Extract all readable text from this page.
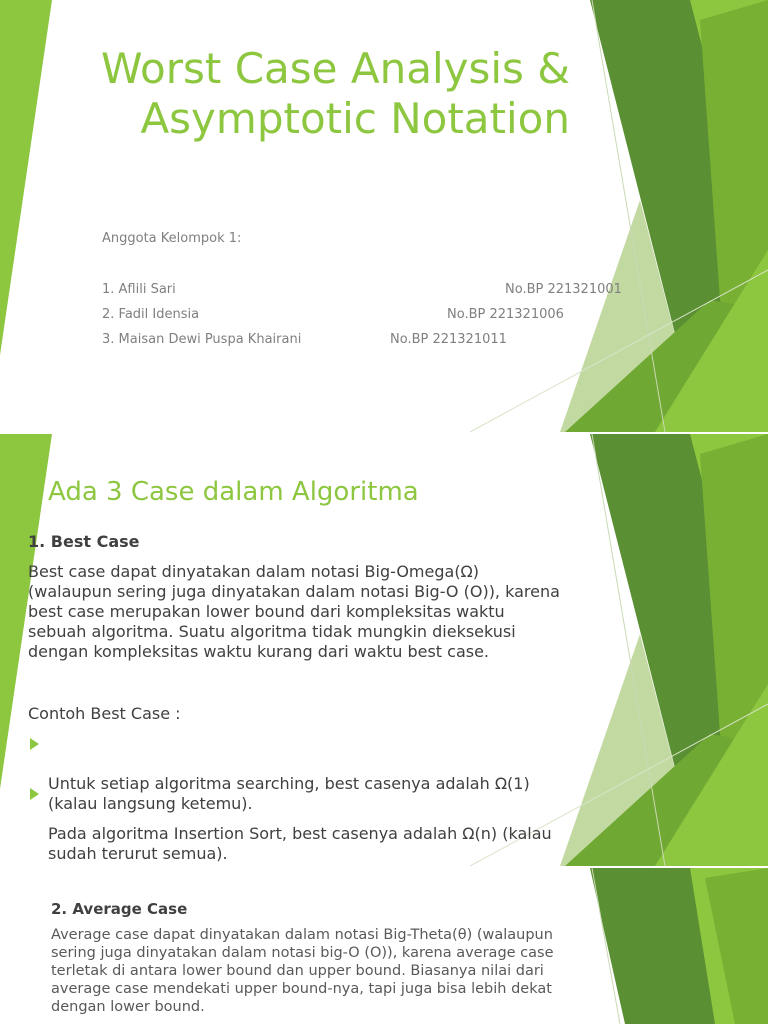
Worst Case Analysis &
Asymptotic Notation
Anggota Kelompok 1:
1. Aflili Sari	No.BP 221321001
2. Fadil Idensia	No.BP 221321006
3. Maisan Dewi Puspa Khairani	No.BP 221321011
Ada 3 Case dalam Algoritma
1. Best Case
Best case dapat dinyatakan dalam notasi Big-Omega(Ω)
(walaupun sering juga dinyatakan dalam notasi Big-O (O)), karena
best case merupakan lower bound dari kompleksitas waktu
sebuah algoritma. Suatu algoritma tidak mungkin dieksekusi
dengan kompleksitas waktu kurang dari waktu best case.
Contoh Best Case :

Untuk setiap algoritma searching, best casenya adalah Ω(1)
(kalau langsung ketemu).

Pada algoritma Insertion Sort, best casenya adalah Ω(n) (kalau
sudah terurut semua).

2. Average Case
Average case dapat dinyatakan dalam notasi Big-Theta(θ) (walaupun
sering juga dinyatakan dalam notasi big-O (O)), karena average case
terletak di antara lower bound dan upper bound. Biasanya nilai dari
average case mendekati upper bound-nya, tapi juga bisa lebih dekat
dengan lower bound.
